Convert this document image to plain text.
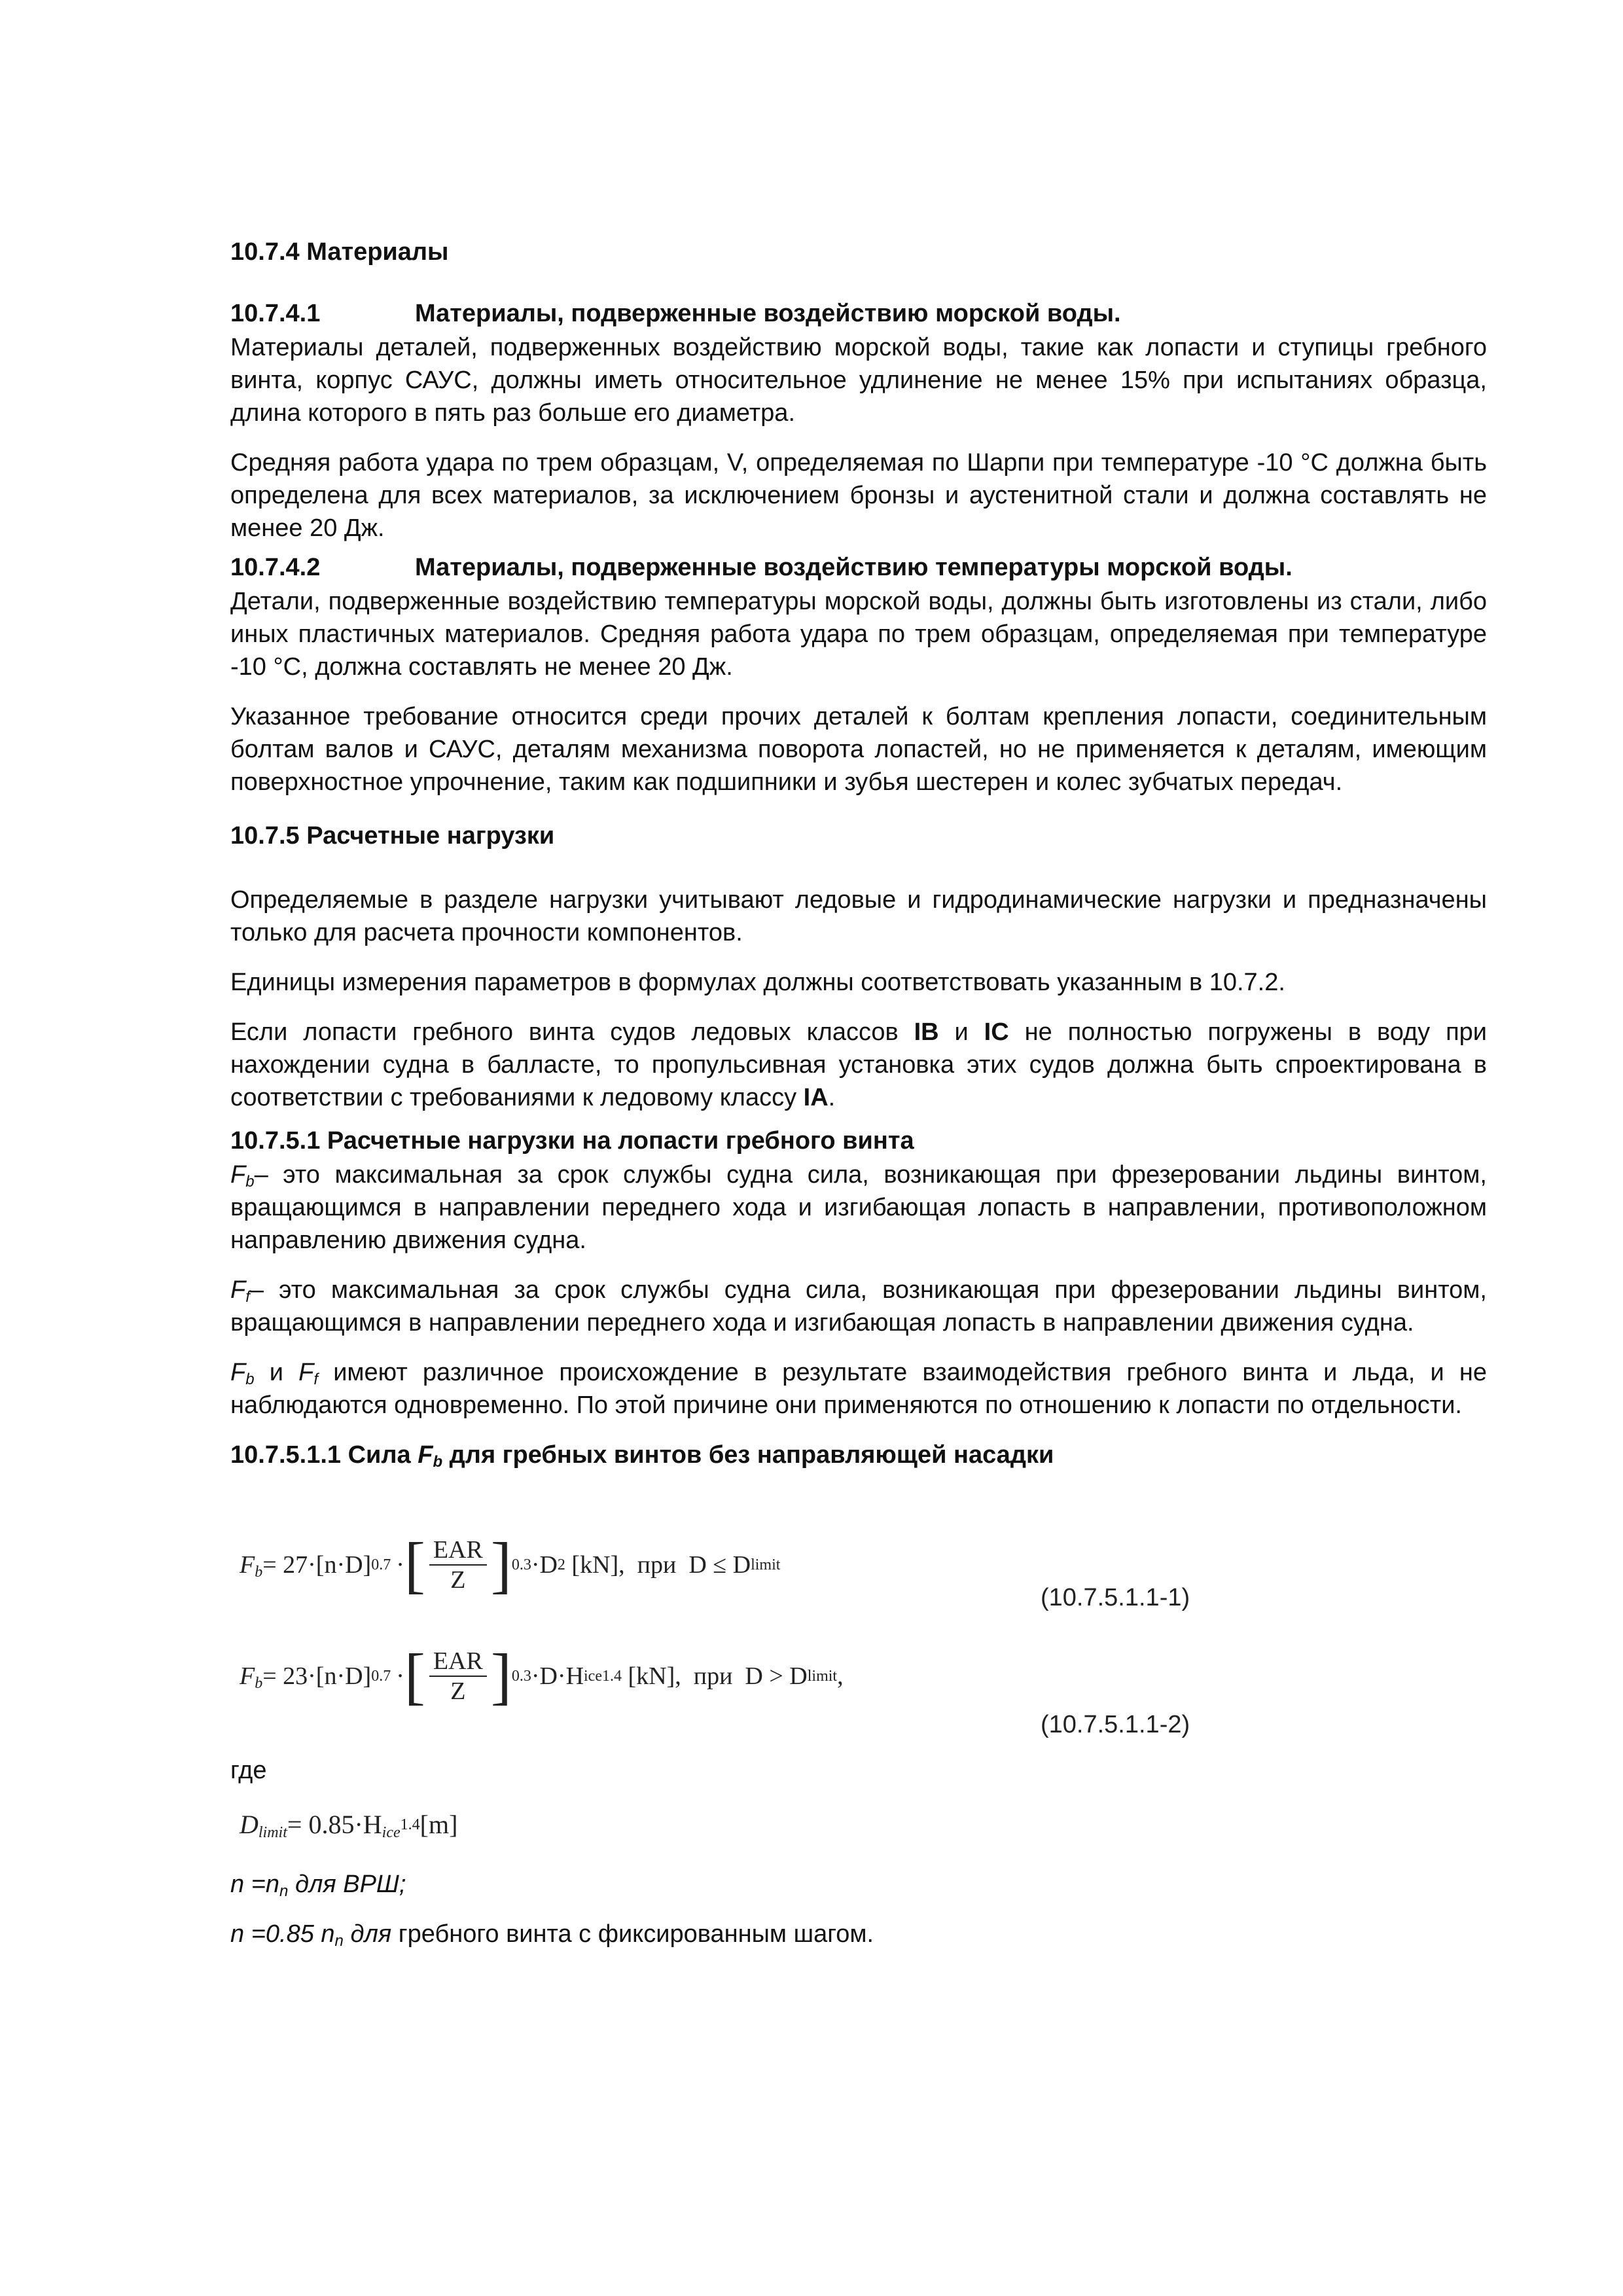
10.7.4 Материалы
10.7.4.1	Материалы, подверженные воздействию морской воды.

Материалы деталей, подверженных воздействию морской воды, такие как лопасти и ступицы гребного винта, корпус САУС, должны иметь относительное удлинение не менее 15% при испытаниях образца, длина которого в пять раз больше его диаметра.

Средняя работа удара по трем образцам, V, определяемая по Шарпи при температуре -10 °С должна быть определена для всех материалов, за исключением бронзы и аустенитной стали и должна составлять не менее 20 Дж.

10.7.4.2	Материалы, подверженные воздействию температуры морской воды.

Детали, подверженные воздействию температуры морской воды, должны быть изготовлены из стали, либо иных пластичных материалов. Средняя работа удара по трем образцам, определяемая при температуре -10 °С, должна составлять не менее 20 Дж.

Указанное требование относится среди прочих деталей к болтам крепления лопасти, соединительным болтам валов и САУС, деталям механизма поворота лопастей, но не применяется к деталям, имеющим поверхностное упрочнение, таким как подшипники и зубья шестерен и колес зубчатых передач.

10.7.5 Расчетные нагрузки

Определяемые в разделе нагрузки учитывают ледовые и гидродинамические нагрузки и предназначены только для расчета прочности компонентов.

Единицы измерения параметров в формулах должны соответствовать указанным в 10.7.2.

Если лопасти гребного винта судов ледовых классов IB и IC не полностью погружены в воду при нахождении судна в балласте, то пропульсивная установка этих судов должна быть спроектирована в соответствии с требованиями к ледовому классу IA.

10.7.5.1 Расчетные нагрузки на лопасти гребного винта

$F_b-$ это максимальная за срок службы судна сила, возникающая при фрезеровании льдины винтом, вращающимся в направлении переднего хода и изгибающая лопасть в направлении, противоположном направлению движения судна.

$F_f-$ это максимальная за срок службы судна сила, возникающая при фрезеровании льдины винтом, вращающимся в направлении переднего хода и изгибающая лопасть в направлении движения судна.

$F_b$ и $F_f$ имеют различное происхождение в результате взаимодействия гребного винта и льда, и не наблюдаются одновременно. По этой причине они применяются по отношению к лопасти по отдельности.

10.7.5.1.1 Сила $F_b$ для гребных винтов без направляющей насадки
F $_b$ = 27·[n·D] 0.7 · [ $\frac{\text{EAR}}{Z}$ ] 0.3 ·D 2 [kN],  при  D ≤ D limit
(10.7.5.1.1-1)
F $_b$ = 23·[n·D] 0.7 · [ $\frac{\text{EAR}}{Z}$ ] 0.3 ·D·H ice 1.4 [kN],  при  D > D limit ,
(10.7.5.1.1-2)

где

D $_{limit}$ = 0.85·H $_{ice}$ 1.4 [m]

$n =n_n$ для ВРШ;

n =0.85 $n_n$ для гребного винта с фиксированным шагом.
